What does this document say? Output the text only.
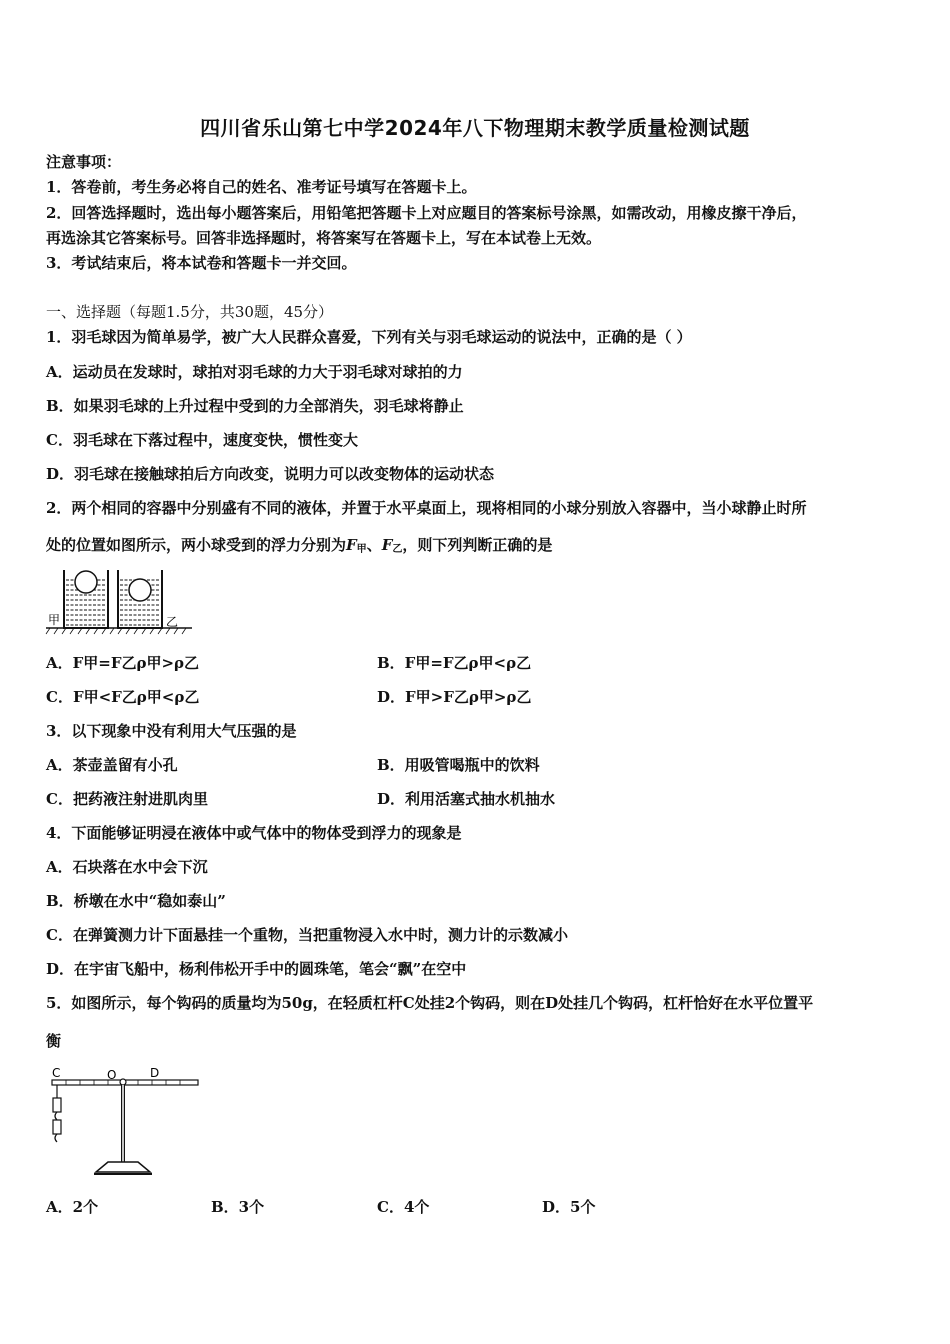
四川省乐山第七中学2024年八下物理期末教学质量检测试题
注意事项：
1．答卷前，考生务必将自己的姓名、准考证号填写在答题卡上。
2．回答选择题时，选出每小题答案后，用铅笔把答题卡上对应题目的答案标号涂黑，如需改动，用橡皮擦干净后，
再选涂其它答案标号。回答非选择题时，将答案写在答题卡上，写在本试卷上无效。
3．考试结束后，将本试卷和答题卡一并交回。
一、选择题（每题1.5分，共30题，45分）
1．羽毛球因为简单易学，被广大人民群众喜爱，下列有关与羽毛球运动的说法中，正确的是（ ）
A．运动员在发球时，球拍对羽毛球的力大于羽毛球对球拍的力
B．如果羽毛球的上升过程中受到的力全部消失，羽毛球将静止
C．羽毛球在下落过程中，速度变快，惯性变大
D．羽毛球在接触球拍后方向改变，说明力可以改变物体的运动状态
2．两个相同的容器中分别盛有不同的液体，并置于水平桌面上，现将相同的小球分别放入容器中，当小球静止时所
处的位置如图所示，两小球受到的浮力分别为$F_甲$、$F_乙$，则下列判断正确的是
甲	乙
A．F甲=F乙ρ甲>ρ乙	B．F甲=F乙ρ甲<ρ乙
C．F甲<F乙ρ甲<ρ乙	D．F甲>F乙ρ甲>ρ乙
3．以下现象中没有利用大气压强的是
A．茶壶盖留有小孔	B．用吸管喝瓶中的饮料
C．把药液注射进肌肉里	D．利用活塞式抽水机抽水
4．下面能够证明浸在液体中或气体中的物体受到浮力的现象是
A．石块落在水中会下沉
B．桥墩在水中“稳如泰山”
C．在弹簧测力计下面悬挂一个重物，当把重物浸入水中时，测力计的示数减小
D．在宇宙飞船中，杨利伟松开手中的圆珠笔，笔会“飘”在空中
5．如图所示，每个钩码的质量均为50g，在轻质杠杆C处挂2个钩码，则在D处挂几个钩码，杠杆恰好在水平位置平
衡
C	O	D
A．2个	B．3个	C．4个	D．5个
